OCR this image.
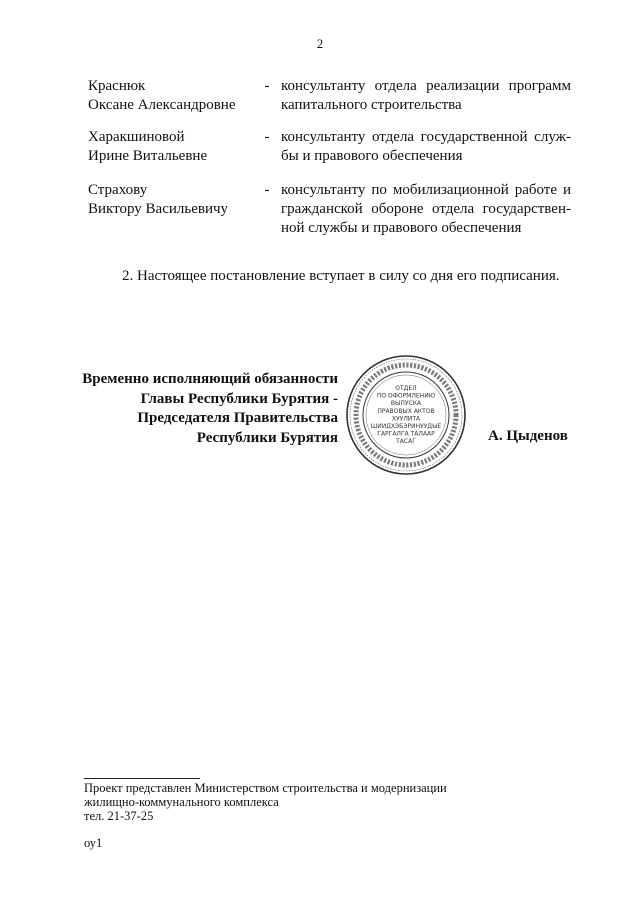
2
Краснюк
Оксане Александровне
- консультанту отдела реализации программ
капитального строительства
Харакшиновой
Ирине Витальевне
- консультанту отдела государственной служ-
бы и правового обеспечения
Страхову
Виктору Васильевичу
- консультанту по мобилизационной работе и
гражданской обороне отдела государствен-
ной службы и правового обеспечения
2. Настоящее постановление вступает в силу со дня его подписания.
Временно исполняющий обязанности
Главы Республики Бурятия -
Председателя Правительства
Республики Бурятия
ОТДЕЛ
ПО ОФОРМЛЕНИЮ
ВЫПУСКА
ПРАВОВЫХ АКТОВ
ХУУЛИТА
ШИИДХЭБЭРИНУУДЫЕ
ГАРГАЛГА ТАЛААР
ТАСАГ	А. Цыденов
Проект представлен Министерством строительства и модернизации
жилищно-коммунального комплекса
тел. 21-37-25
оу1
